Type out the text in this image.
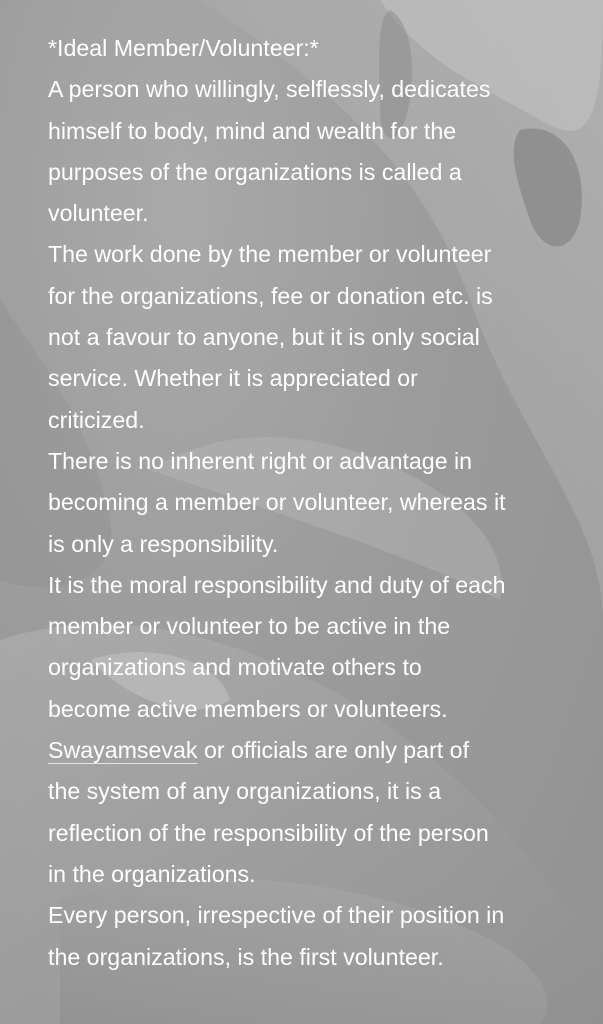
*Ideal Member/Volunteer:*
A person who willingly, selflessly, dedicates
himself to body, mind and wealth for the
purposes of the organizations is called a
volunteer.
The work done by the member or volunteer
for the organizations, fee or donation etc. is
not a favour to anyone, but it is only social
service. Whether it is appreciated or
criticized.
There is no inherent right or advantage in
becoming a member or volunteer, whereas it
is only a responsibility.
It is the moral responsibility and duty of each
member or volunteer to be active in the
organizations and motivate others to
become active members or volunteers.
Swayamsevak or officials are only part of
the system of any organizations, it is a
reflection of the responsibility of the person
in the organizations.
Every person, irrespective of their position in
the organizations, is the first volunteer.
